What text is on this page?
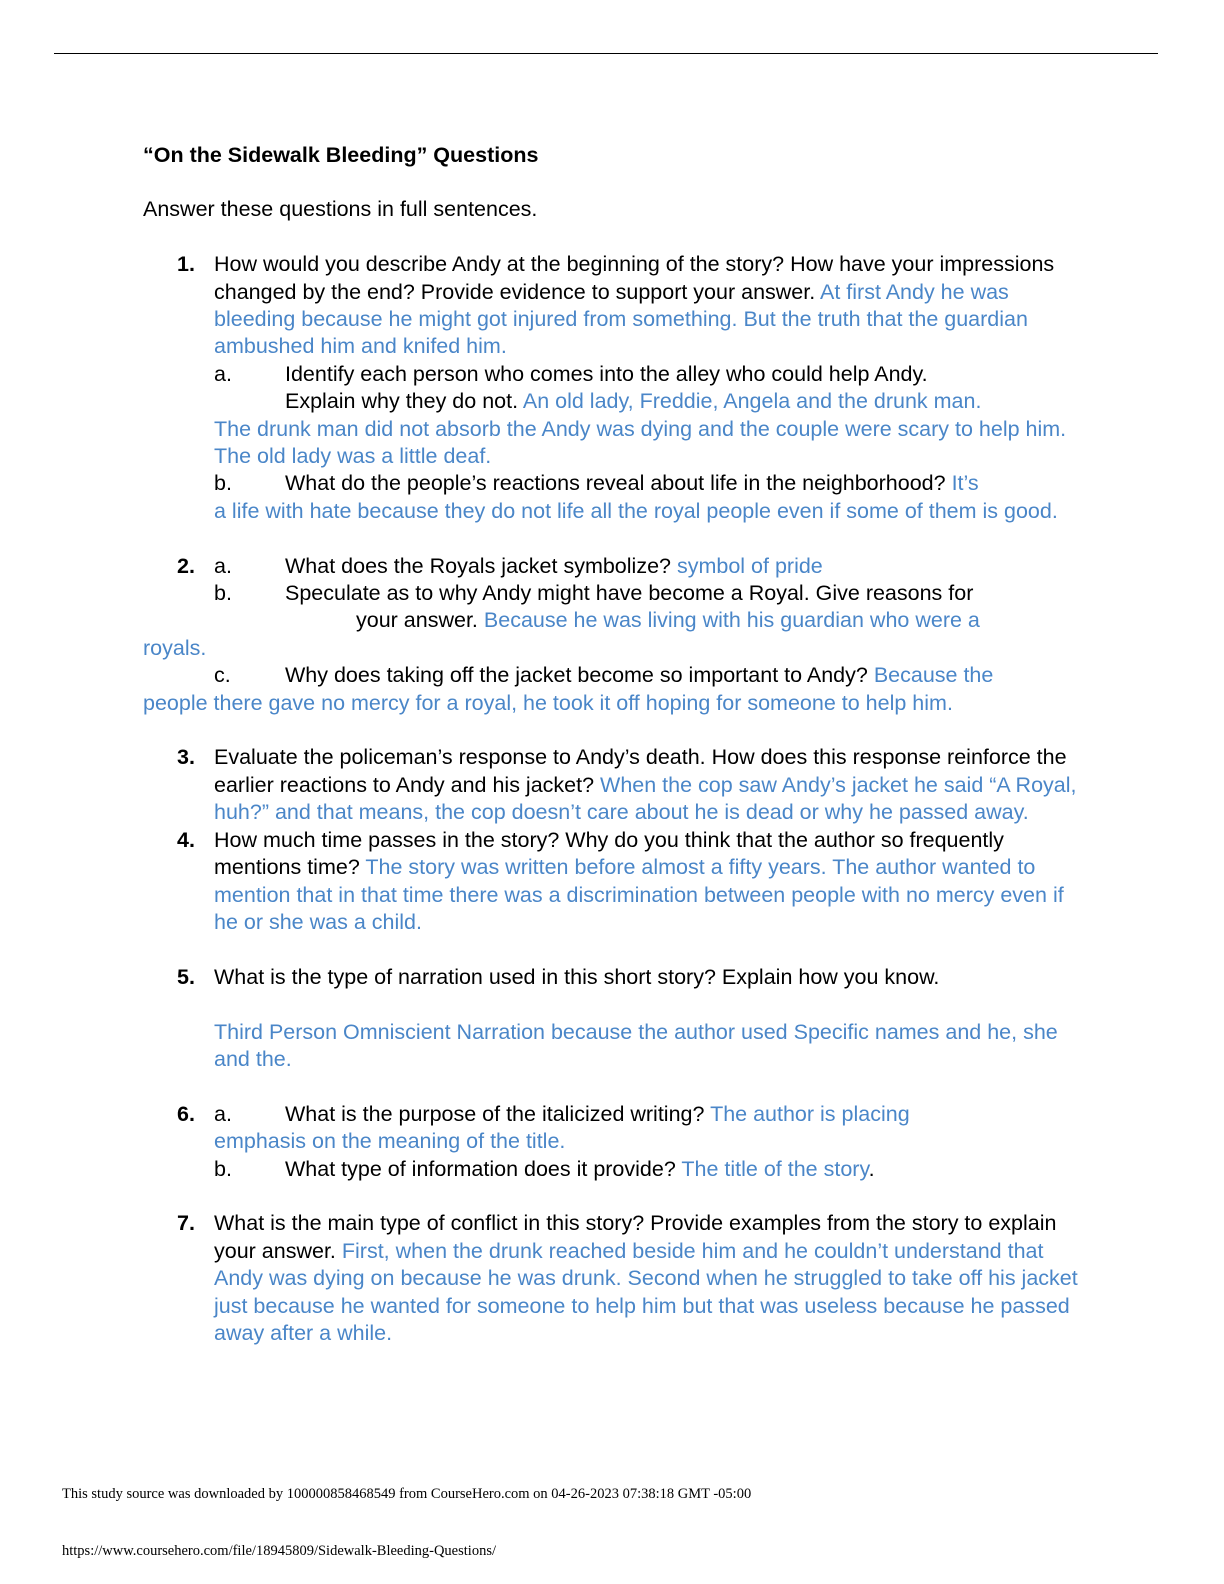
“On the Sidewalk Bleeding” Questions

Answer these questions in full sentences.

1. How would you describe Andy at the beginning of the story? How have your impressions changed by the end? Provide evidence to support your answer. At first Andy he was bleeding because he might got injured from something. But the truth that the guardian ambushed him and knifed him.
a. Identify each person who comes into the alley who could help Andy.
Explain why they do not. An old lady, Freddie, Angela and the drunk man.
The drunk man did not absorb the Andy was dying and the couple were scary to help him. The old lady was a little deaf.
b. What do the people’s reactions reveal about life in the neighborhood? It’s
a life with hate because they do not life all the royal people even if some of them is good.
2. a. What does the Royals jacket symbolize? symbol of pride
b. Speculate as to why Andy might have become a Royal. Give reasons for
your answer. Because he was living with his guardian who were a
royals.
c.	Why does taking off the jacket become so important to Andy? Because the
people there gave no mercy for a royal, he took it off hoping for someone to help him.
3. Evaluate the policeman’s response to Andy’s death. How does this response reinforce the earlier reactions to Andy and his jacket? When the cop saw Andy’s jacket he said “A Royal, huh?” and that means, the cop doesn’t care about he is dead or why he passed away.
4. How much time passes in the story? Why do you think that the author so frequently mentions time? The story was written before almost a fifty years. The author wanted to mention that in that time there was a discrimination between people with no mercy even if he or she was a child.
5. What is the type of narration used in this short story? Explain how you know.
Third Person Omniscient Narration because the author used Specific names and he, she and the.
6. a. What is the purpose of the italicized writing? The author is placing
emphasis on the meaning of the title.
b. What type of information does it provide? The title of the story.
7. What is the main type of conflict in this story? Provide examples from the story to explain your answer. First, when the drunk reached beside him and he couldn’t understand that Andy was dying on because he was drunk. Second when he struggled to take off his jacket just because he wanted for someone to help him but that was useless because he passed away after a while.
This study source was downloaded by 100000858468549 from CourseHero.com on 04-26-2023 07:38:18 GMT -05:00
https://www.coursehero.com/file/18945809/Sidewalk-Bleeding-Questions/
